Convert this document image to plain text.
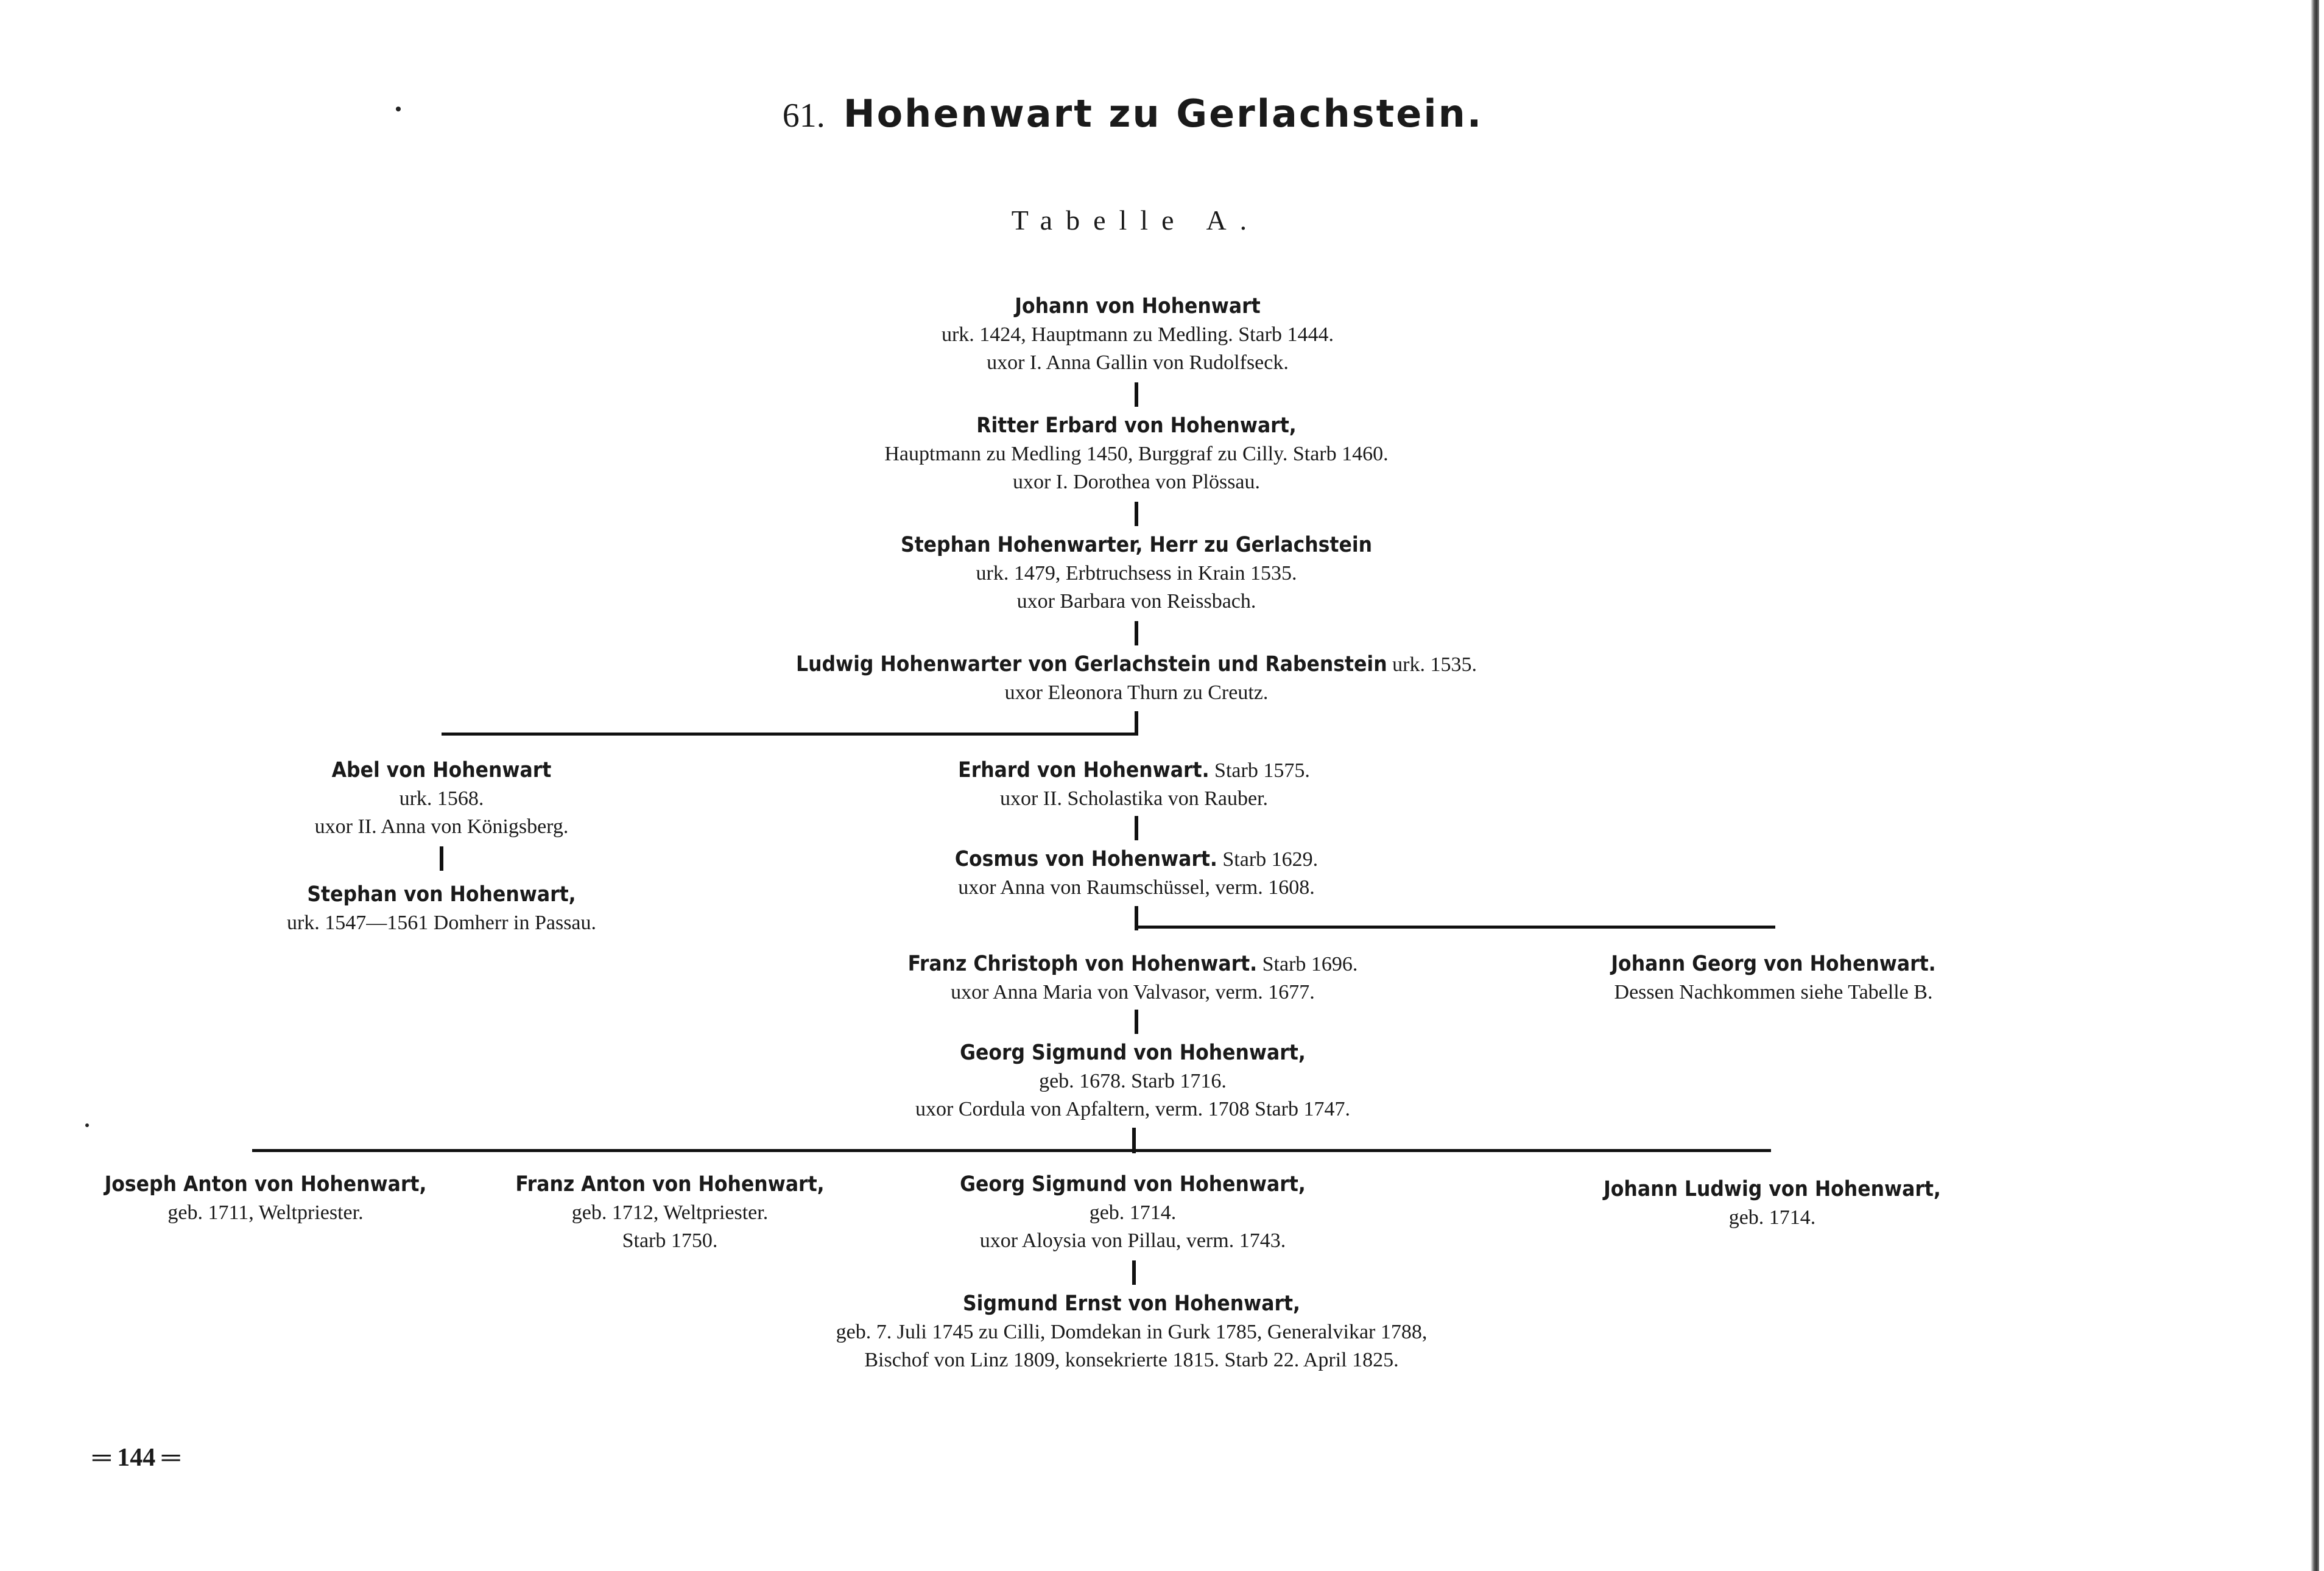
61. Hohenwart zu Gerlachstein.
Tabelle A.
Johann von Hohenwart
urk. 1424, Hauptmann zu Medling. Starb 1444.
uxor I. Anna Gallin von Rudolfseck.
Ritter Erbard von Hohenwart,
Hauptmann zu Medling 1450, Burggraf zu Cilly. Starb 1460.
uxor I. Dorothea von Plössau.
Stephan Hohenwarter, Herr zu Gerlachstein
urk. 1479, Erbtruchsess in Krain 1535.
uxor Barbara von Reissbach.
Ludwig Hohenwarter von Gerlachstein und Rabenstein urk. 1535.
uxor Eleonora Thurn zu Creutz.
Abel von Hohenwart
urk. 1568.
uxor II. Anna von Königsberg.
Stephan von Hohenwart,
urk. 1547—1561 Domherr in Passau.
Erhard von Hohenwart. Starb 1575.
uxor II. Scholastika von Rauber.
Cosmus von Hohenwart. Starb 1629.
uxor Anna von Raumschüssel, verm. 1608.
Franz Christoph von Hohenwart. Starb 1696.
uxor Anna Maria von Valvasor, verm. 1677.
Johann Georg von Hohenwart.
Dessen Nachkommen siehe Tabelle B.
Georg Sigmund von Hohenwart,
geb. 1678. Starb 1716.
uxor Cordula von Apfaltern, verm. 1708 Starb 1747.
Joseph Anton von Hohenwart,
geb. 1711, Weltpriester.
Franz Anton von Hohenwart,
geb. 1712, Weltpriester.
Starb 1750.
Georg Sigmund von Hohenwart,
geb. 1714.
uxor Aloysia von Pillau, verm. 1743.
Johann Ludwig von Hohenwart,
geb. 1714.
Sigmund Ernst von Hohenwart,
geb. 7. Juli 1745 zu Cilli, Domdekan in Gurk 1785, Generalvikar 1788,
Bischof von Linz 1809, konsekrierte 1815. Starb 22. April 1825.
═ 144 ═
